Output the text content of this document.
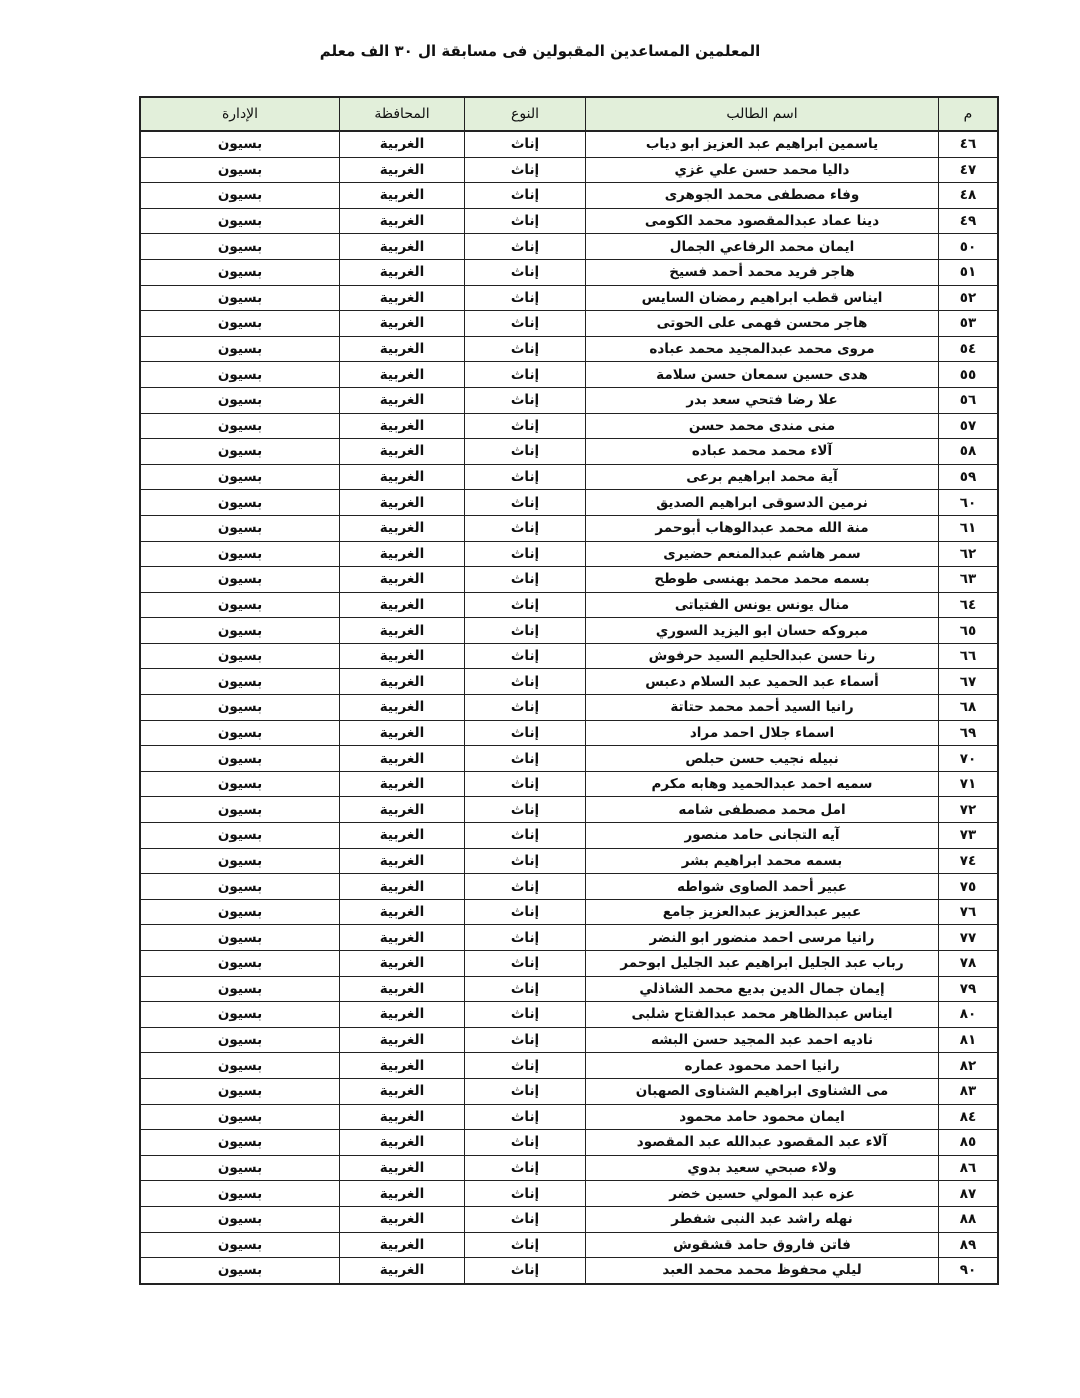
المعلمين المساعدين المقبولين فى مسابقة ال ٣٠ الف معلم
م	اسم الطالب	النوع	المحافظة	الإدارة
٤٦	ياسمين ابراهيم عبد العزيز ابو دياب	إناث	الغربية	بسيون
٤٧	داليا محمد حسن علي غزي	إناث	الغربية	بسيون
٤٨	وفاء مصطفى محمد الجوهرى	إناث	الغربية	بسيون
٤٩	دينا عماد عبدالمقصود محمد الكومى	إناث	الغربية	بسيون
٥٠	ايمان محمد الرفاعي الجمال	إناث	الغربية	بسيون
٥١	هاجر فريد محمد أحمد فسيخ	إناث	الغربية	بسيون
٥٢	ايناس قطب ابراهيم رمضان السايس	إناث	الغربية	بسيون
٥٣	هاجر محسن فهمى على الحوتى	إناث	الغربية	بسيون
٥٤	مروى محمد عبدالمجيد محمد عباده	إناث	الغربية	بسيون
٥٥	هدى حسين سمعان حسن سلامة	إناث	الغربية	بسيون
٥٦	علا رضا فتحي سعد بدر	إناث	الغربية	بسيون
٥٧	منى مندى محمد حسن	إناث	الغربية	بسيون
٥٨	آلاء محمد محمد عباده	إناث	الغربية	بسيون
٥٩	آية محمد ابراهيم برعى	إناث	الغربية	بسيون
٦٠	نرمين الدسوقى ابراهيم الصديق	إناث	الغربية	بسيون
٦١	منة الله محمد عبدالوهاب أبوحمر	إناث	الغربية	بسيون
٦٢	سمر هاشم عبدالمنعم حضيرى	إناث	الغربية	بسيون
٦٣	بسمه محمد محمد بهنسى طوطح	إناث	الغربية	بسيون
٦٤	منال يونس يونس الفتياتى	إناث	الغربية	بسيون
٦٥	مبروكه حسان ابو اليزيد السوري	إناث	الغربية	بسيون
٦٦	رنا حسن عبدالحليم السيد حرفوش	إناث	الغربية	بسيون
٦٧	أسماء عبد الحميد عبد السلام دعبس	إناث	الغربية	بسيون
٦٨	رانيا السيد أحمد محمد حتاتة	إناث	الغربية	بسيون
٦٩	اسماء جلال احمد مراد	إناث	الغربية	بسيون
٧٠	نبيله نجيب حسن حبلص	إناث	الغربية	بسيون
٧١	سميه احمد عبدالحميد وهابه مكرم	إناث	الغربية	بسيون
٧٢	امل محمد مصطفى شامه	إناث	الغربية	بسيون
٧٣	آيه التجانى حامد منصور	إناث	الغربية	بسيون
٧٤	بسمه محمد ابراهيم بشر	إناث	الغربية	بسيون
٧٥	عبير أحمد الصاوى شواطه	إناث	الغربية	بسيون
٧٦	عبير عبدالعزيز عبدالعزيز جامع	إناث	الغربية	بسيون
٧٧	رانيا مرسى احمد منضور ابو النضر	إناث	الغربية	بسيون
٧٨	رباب عبد الجليل ابراهيم عبد الجليل ابوحمر	إناث	الغربية	بسيون
٧٩	إيمان جمال الدين بديع محمد الشاذلي	إناث	الغربية	بسيون
٨٠	ايناس عبدالظاهر محمد عبدالفتاح شلبى	إناث	الغربية	بسيون
٨١	ناديه احمد عبد المجيد حسن البشه	إناث	الغربية	بسيون
٨٢	رانيا احمد محمود عماره	إناث	الغربية	بسيون
٨٣	مى الشناوى ابراهيم الشناوى الصهبان	إناث	الغربية	بسيون
٨٤	ايمان محمود حامد محمود	إناث	الغربية	بسيون
٨٥	آلاء عبد المقصود عبدالله عبد المقصود	إناث	الغربية	بسيون
٨٦	ولاء صبحي سعيد بدوي	إناث	الغربية	بسيون
٨٧	عزه عبد المولي حسين خضر	إناث	الغربية	بسيون
٨٨	نهله راشد عبد النبى شفطر	إناث	الغربية	بسيون
٨٩	فاتن فاروق حامد قشقوش	إناث	الغربية	بسيون
٩٠	ليلي محفوظ محمد محمد العبد	إناث	الغربية	بسيون
